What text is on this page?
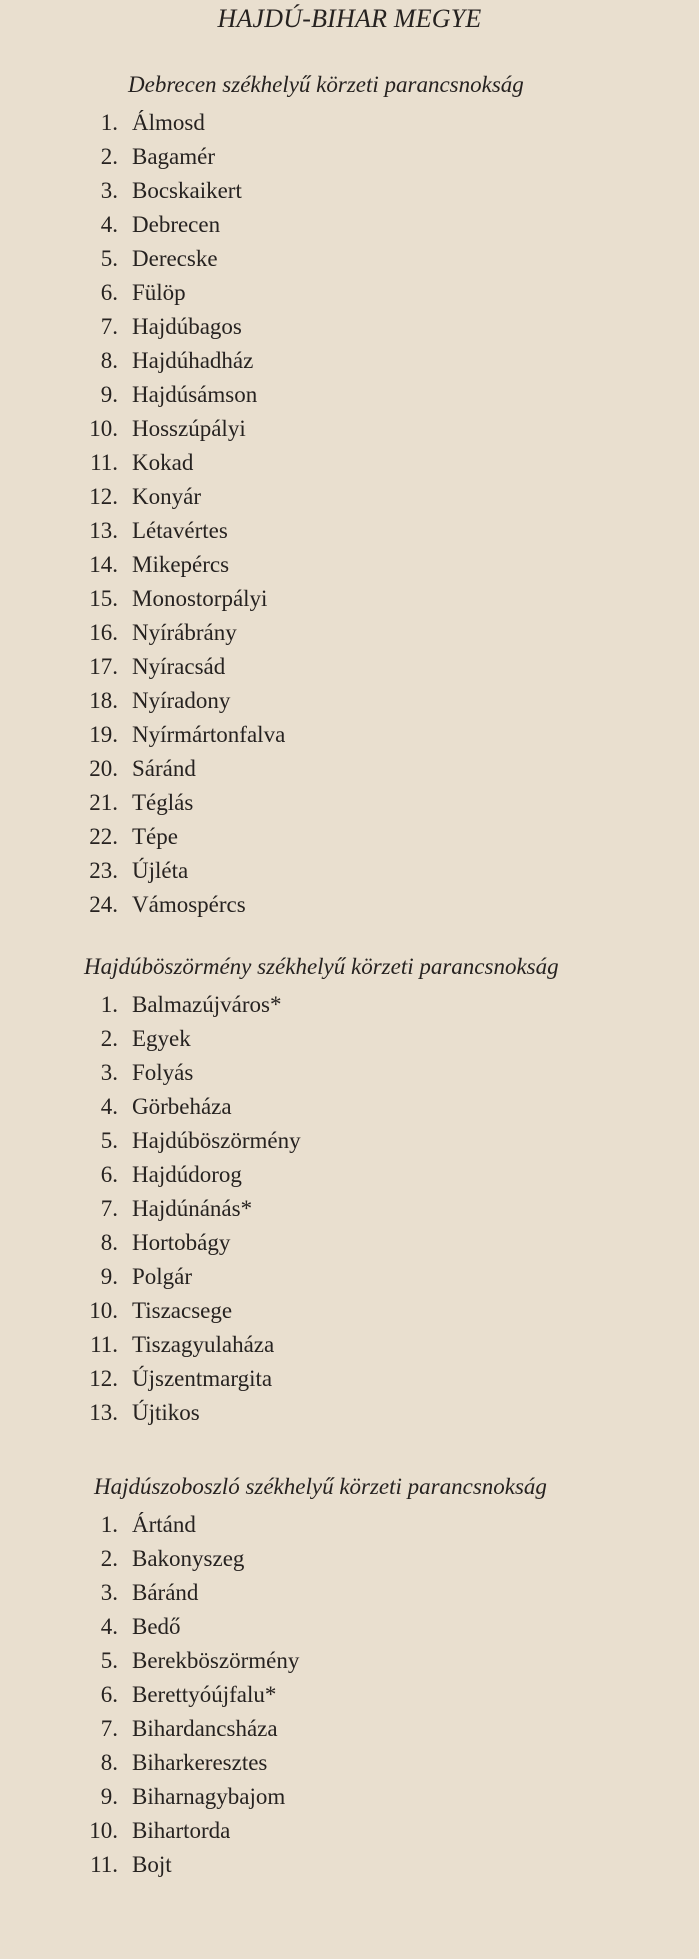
HAJDÚ-BIHAR MEGYE
Debrecen székhelyű körzeti parancsnokság
1. Álmosd
2. Bagamér
3. Bocskaikert
4. Debrecen
5. Derecske
6. Fülöp
7. Hajdúbagos
8. Hajdúhadház
9. Hajdúsámson
10. Hosszúpályi
11. Kokad
12. Konyár
13. Létavértes
14. Mikepércs
15. Monostorpályi
16. Nyírábrány
17. Nyíracsád
18. Nyíradony
19. Nyírmártonfalva
20. Sáránd
21. Téglás
22. Tépe
23. Újléta
24. Vámospércs
Hajdúböszörmény székhelyű körzeti parancsnokság
1. Balmazújváros*
2. Egyek
3. Folyás
4. Görbeháza
5. Hajdúböszörmény
6. Hajdúdorog
7. Hajdúnánás*
8. Hortobágy
9. Polgár
10. Tiszacsege
11. Tiszagyulaháza
12. Újszentmargita
13. Újtikos
Hajdúszoboszló székhelyű körzeti parancsnokság
1. Ártánd
2. Bakonyszeg
3. Báránd
4. Bedő
5. Berekböszörmény
6. Berettyóújfalu*
7. Bihardancsháza
8. Biharkeresztes
9. Biharnagybajom
10. Bihartorda
11. Bojt
